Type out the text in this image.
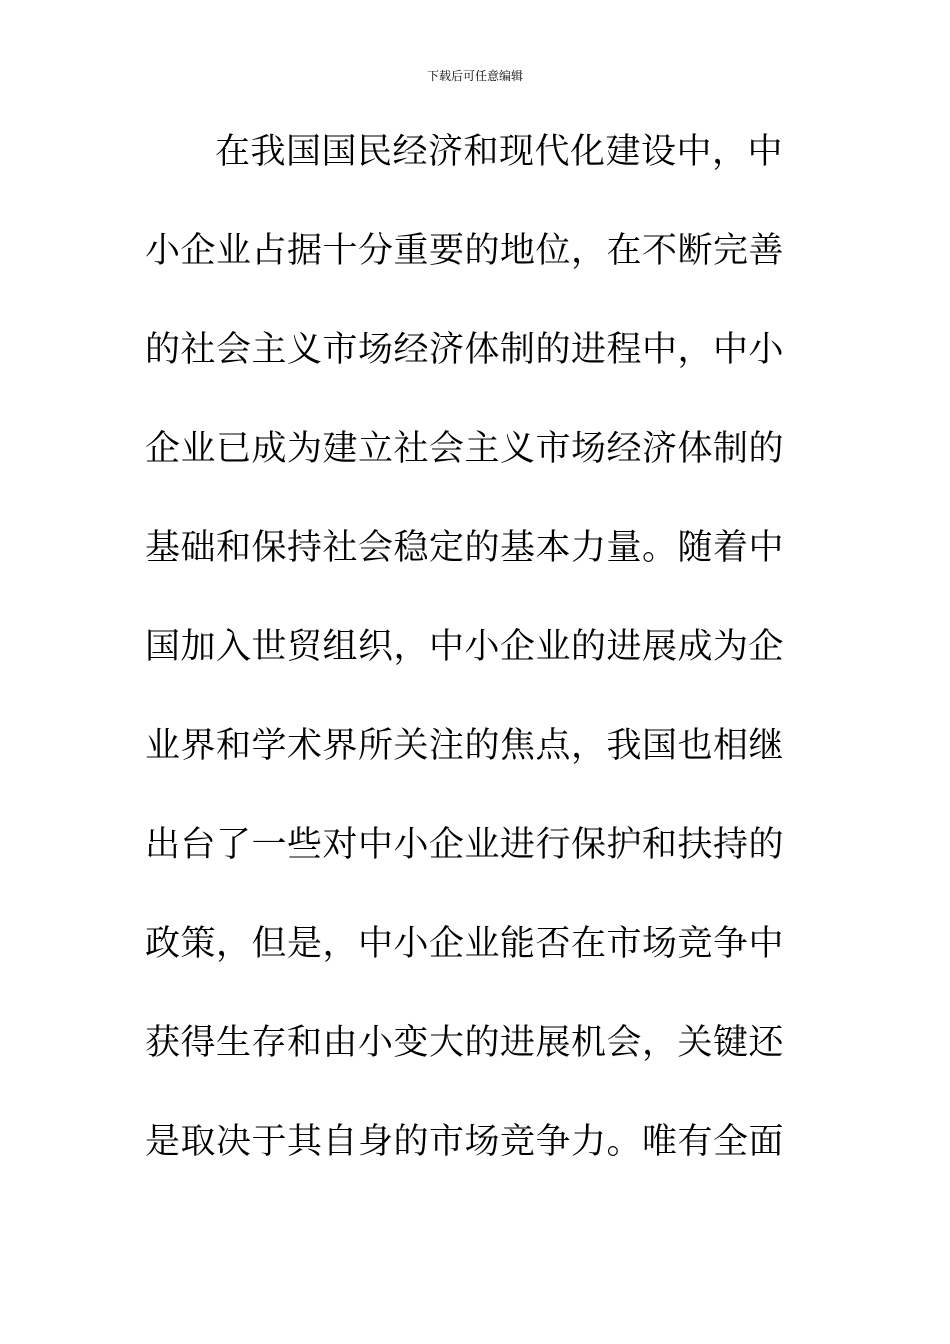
下载后可任意编辑
在我国国民经济和现代化建设中，中
小企业占据十分重要的地位，在不断完善
的社会主义市场经济体制的进程中，中小
企业已成为建立社会主义市场经济体制的
基础和保持社会稳定的基本力量。随着中
国加入世贸组织，中小企业的进展成为企
业界和学术界所关注的焦点，我国也相继
出台了一些对中小企业进行保护和扶持的
政策，但是，中小企业能否在市场竞争中
获得生存和由小变大的进展机会，关键还
是取决于其自身的市场竞争力。唯有全面
